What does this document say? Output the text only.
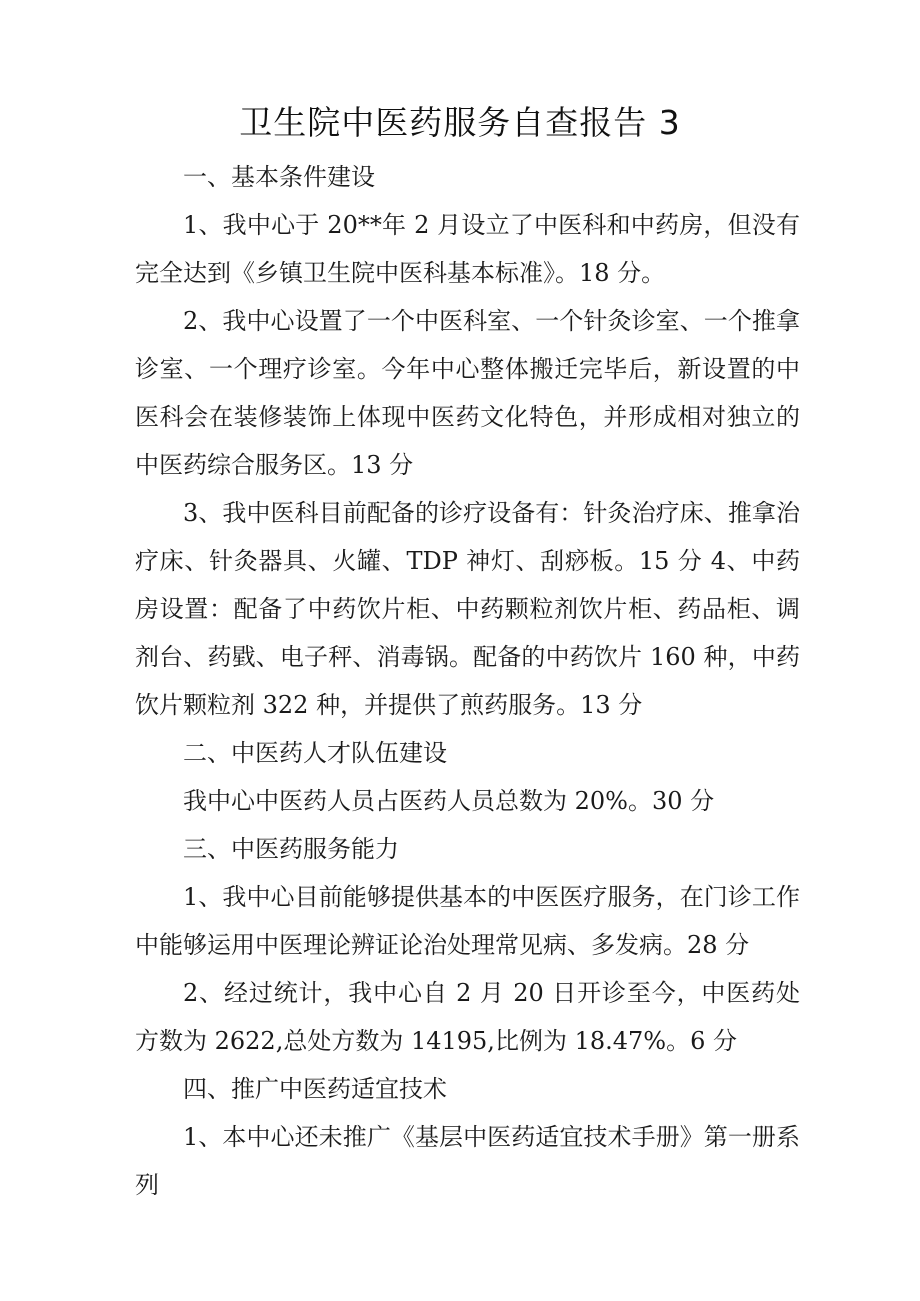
卫生院中医药服务自查报告 3

一、基本条件建设

1、我中心于 20**年 2 月设立了中医科和中药房，但没有完全达到《乡镇卫生院中医科基本标准》。18 分。

2、我中心设置了一个中医科室、一个针灸诊室、一个推拿诊室、一个理疗诊室。今年中心整体搬迁完毕后，新设置的中医科会在装修装饰上体现中医药文化特色，并形成相对独立的中医药综合服务区。13 分

3、我中医科目前配备的诊疗设备有：针灸治疗床、推拿治疗床、针灸器具、火罐、TDP 神灯、刮痧板。15 分 4、中药房设置：配备了中药饮片柜、中药颗粒剂饮片柜、药品柜、调剂台、药戥、电子秤、消毒锅。配备的中药饮片 160 种，中药饮片颗粒剂 322 种，并提供了煎药服务。13 分

二、中医药人才队伍建设

我中心中医药人员占医药人员总数为 20%。30 分

三、中医药服务能力

1、我中心目前能够提供基本的中医医疗服务，在门诊工作中能够运用中医理论辨证论治处理常见病、多发病。28 分

2、经过统计，我中心自 2 月 20 日开诊至今，中医药处方数为 2622,总处方数为 14195,比例为 18.47%。6 分

四、推广中医药适宜技术

1、本中心还未推广《基层中医药适宜技术手册》第一册系列
